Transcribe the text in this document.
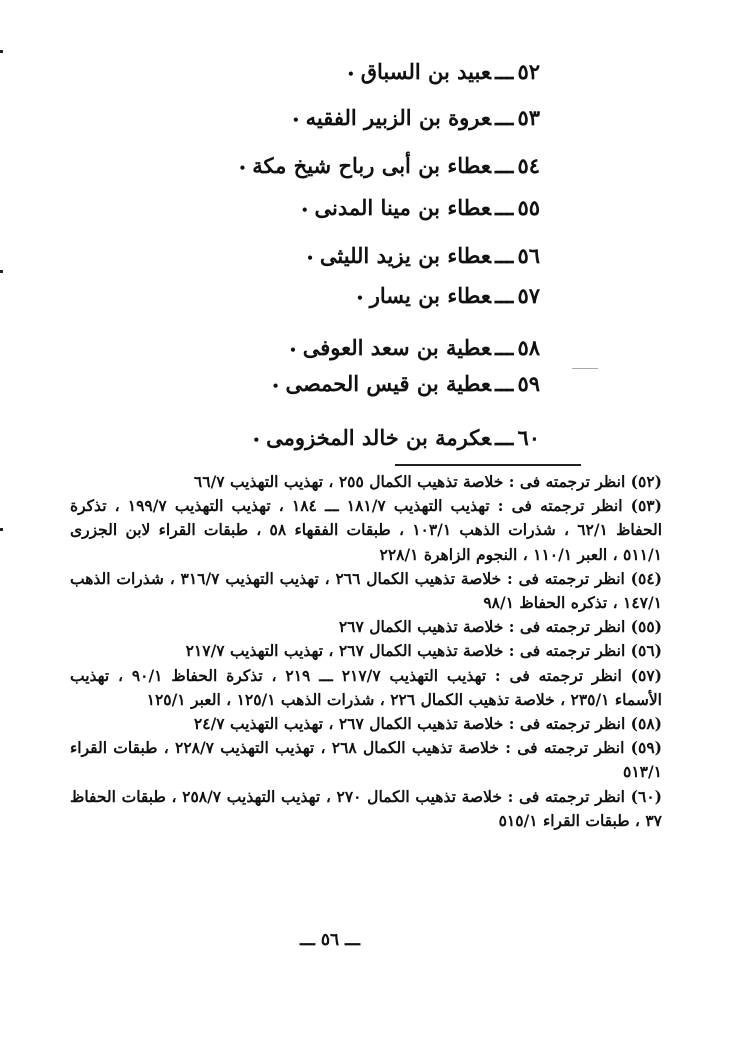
٥٢ـــعبيد بن السباق•
٥٣ـــعروة بن الزبير الفقيه•
٥٤ـــعطاء بن أبى رباح شيخ مكة•
٥٥ـــعطاء بن مينا المدنى•
٥٦ـــعطاء بن يزيد الليثى•
٥٧ـــعطاء بن يسار•
٥٨ـــعطية بن سعد العوفى•
٥٩ـــعطية بن قيس الحمصى•
٦٠ـــعكرمة بن خالد المخزومى•
(٥٢) انظر ترجمته فى : خلاصة تذهيب الكمال ٢٥٥ ، تهذيب التهذيب ٦٦/٧
(٥٣) انظر ترجمته فى : تهذيب التهذيب ١٨١/٧ ـــ ١٨٤ ، تهذيب التهذيب ١٩٩/٧ ، تذكرة الحفاظ ٦٢/١ ، شذرات الذهب ١٠٣/١ ، طبقات الفقهاء ٥٨ ، طبقات القراء لابن الجزرى ٥١١/١ ، العبر ١١٠/١ ، النجوم الزاهرة ٢٢٨/١
(٥٤) انظر ترجمته فى : خلاصة تذهيب الكمال ٢٦٦ ، تهذيب التهذيب ٣١٦/٧ ، شذرات الذهب ١٤٧/١ ، تذكره الحفاظ ٩٨/١
(٥٥) انظر ترجمته فى : خلاصة تذهيب الكمال ٢٦٧
(٥٦) انظر ترجمته فى : خلاصة تذهيب الكمال ٢٦٧ ، تهذيب التهذيب ٢١٧/٧
(٥٧) انظر ترجمته فى : تهذيب التهذيب ٢١٧/٧ ـــ ٢١٩ ، تذكرة الحفاظ ٩٠/١ ، تهذيب الأسماء ٢٣٥/١ ، خلاصة تذهيب الكمال ٢٢٦ ، شذرات الذهب ١٢٥/١ ، العبر ١٢٥/١
(٥٨) انظر ترجمته فى : خلاصة تذهيب الكمال ٢٦٧ ، تهذيب التهذيب ٢٤/٧
(٥٩) انظر ترجمته فى : خلاصة تذهيب الكمال ٢٦٨ ، تهذيب التهذيب ٢٢٨/٧ ، طبقات القراء ٥١٣/١
(٦٠) انظر ترجمته فى : خلاصة تذهيب الكمال ٢٧٠ ، تهذيب التهذيب ٢٥٨/٧ ، طبقات الحفاظ ٣٧ ، طبقات القراء ٥١٥/١
ـــ ٥٦ ـــ
